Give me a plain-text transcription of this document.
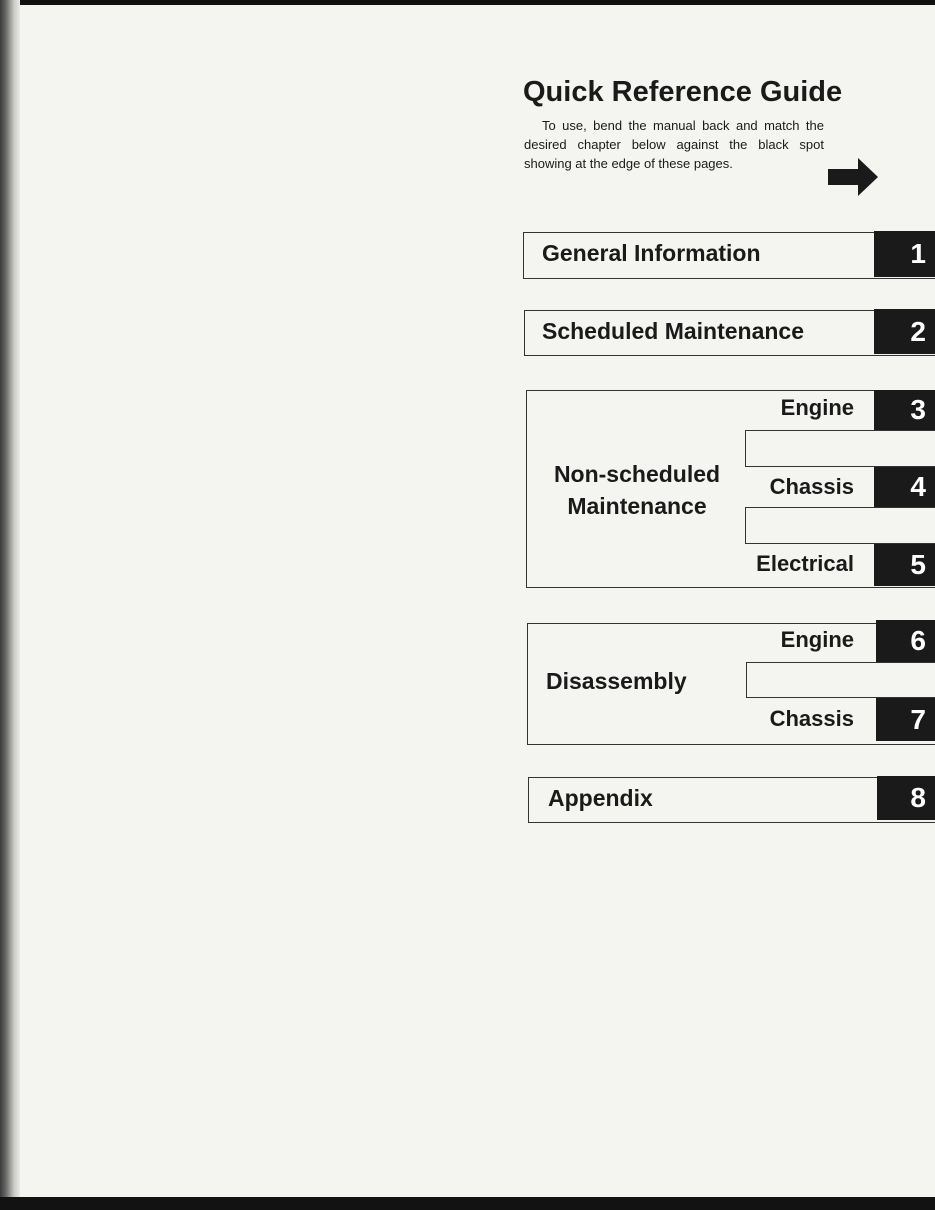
Quick Reference Guide
To use, bend the manual back and match the desired chapter below against the black spot showing at the edge of these pages.
General Information	1
Scheduled Maintenance	2
Non-scheduled
Maintenance
Engine	3
Chassis	4
Electrical	5
Disassembly
Engine	6
Chassis	7
Appendix	8
